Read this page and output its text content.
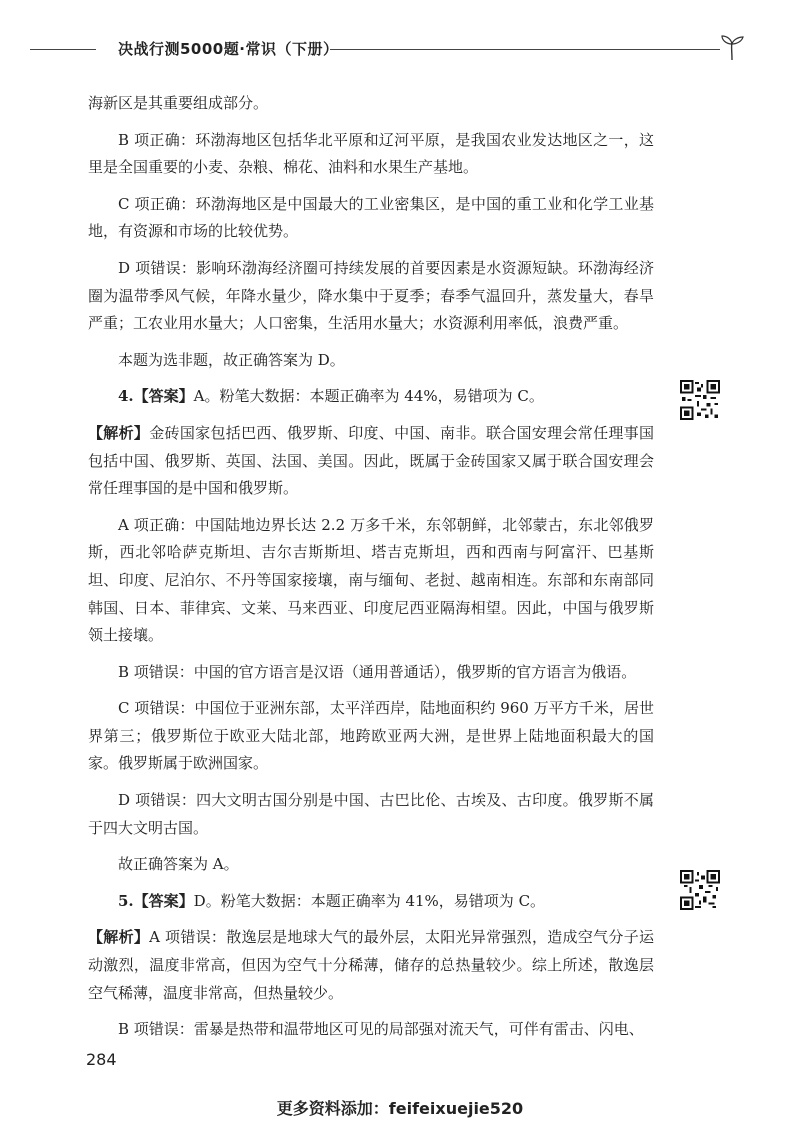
决战行测5000题·常识（下册）

海新区是其重要组成部分。

B 项正确：环渤海地区包括华北平原和辽河平原，是我国农业发达地区之一，这里是全国重要的小麦、杂粮、棉花、油料和水果生产基地。

C 项正确：环渤海地区是中国最大的工业密集区，是中国的重工业和化学工业基地，有资源和市场的比较优势。

D 项错误：影响环渤海经济圈可持续发展的首要因素是水资源短缺。环渤海经济圈为温带季风气候，年降水量少，降水集中于夏季；春季气温回升，蒸发量大，春旱严重；工农业用水量大；人口密集，生活用水量大；水资源利用率低，浪费严重。

本题为选非题，故正确答案为 D。

4.【答案】A。粉笔大数据：本题正确率为 44%，易错项为 C。

【解析】金砖国家包括巴西、俄罗斯、印度、中国、南非。联合国安理会常任理事国包括中国、俄罗斯、英国、法国、美国。因此，既属于金砖国家又属于联合国安理会常任理事国的是中国和俄罗斯。

A 项正确：中国陆地边界长达 2.2 万多千米，东邻朝鲜，北邻蒙古，东北邻俄罗斯，西北邻哈萨克斯坦、吉尔吉斯斯坦、塔吉克斯坦，西和西南与阿富汗、巴基斯坦、印度、尼泊尔、不丹等国家接壤，南与缅甸、老挝、越南相连。东部和东南部同韩国、日本、菲律宾、文莱、马来西亚、印度尼西亚隔海相望。因此，中国与俄罗斯领土接壤。

B 项错误：中国的官方语言是汉语（通用普通话），俄罗斯的官方语言为俄语。

C 项错误：中国位于亚洲东部，太平洋西岸，陆地面积约 960 万平方千米，居世界第三；俄罗斯位于欧亚大陆北部，地跨欧亚两大洲，是世界上陆地面积最大的国家。俄罗斯属于欧洲国家。

D 项错误：四大文明古国分别是中国、古巴比伦、古埃及、古印度。俄罗斯不属于四大文明古国。

故正确答案为 A。

5.【答案】D。粉笔大数据：本题正确率为 41%，易错项为 C。

【解析】A 项错误：散逸层是地球大气的最外层，太阳光异常强烈，造成空气分子运动激烈，温度非常高，但因为空气十分稀薄，储存的总热量较少。综上所述，散逸层空气稀薄，温度非常高，但热量较少。

B 项错误：雷暴是热带和温带地区可见的局部强对流天气，可伴有雷击、闪电、

284
更多资料添加：feifeixuejie520
